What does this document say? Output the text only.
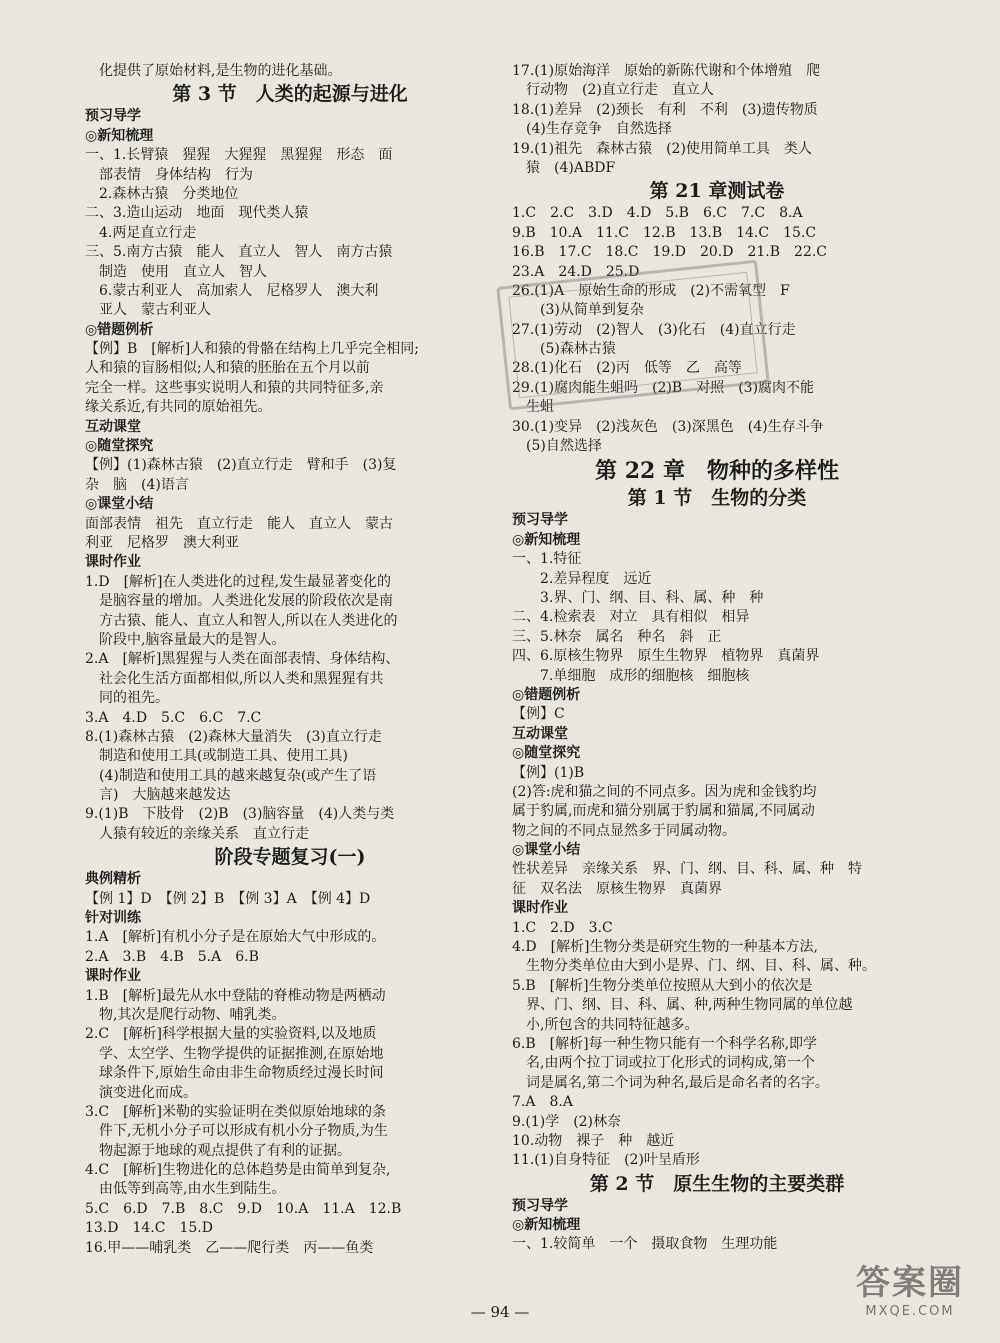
化提供了原始材料,是生物的进化基础。
第 3 节　人类的起源与进化
预习导学
◎新知梳理
一、1.长臂猿　猩猩　大猩猩　黑猩猩　形态　面
部表情　身体结构　行为
2.森林古猿　分类地位
二、3.造山运动　地面　现代类人猿
4.两足直立行走
三、5.南方古猿　能人　直立人　智人　南方古猿
制造　使用　直立人　智人
6.蒙古利亚人　高加索人　尼格罗人　澳大利
亚人　蒙古利亚人
◎错题例析
【例】B　[解析]人和猿的骨骼在结构上几乎完全相同;
人和猿的盲肠相似;人和猿的胚胎在五个月以前
完全一样。这些事实说明人和猿的共同特征多,亲
缘关系近,有共同的原始祖先。
互动课堂
◎随堂探究
【例】(1)森林古猿　(2)直立行走　臂和手　(3)复
杂　脑　(4)语言
◎课堂小结
面部表情　祖先　直立行走　能人　直立人　蒙古
利亚　尼格罗　澳大利亚
课时作业
1.D　[解析]在人类进化的过程,发生最显著变化的
是脑容量的增加。人类进化发展的阶段依次是南
方古猿、能人、直立人和智人,所以在人类进化的
阶段中,脑容量最大的是智人。
2.A　[解析]黑猩猩与人类在面部表情、身体结构、
社会化生活方面都相似,所以人类和黑猩猩有共
同的祖先。
3.A　4.D　5.C　6.C　7.C
8.(1)森林古猿　(2)森林大量消失　(3)直立行走
制造和使用工具(或制造工具、使用工具)
(4)制造和使用工具的越来越复杂(或产生了语
言)　大脑越来越发达
9.(1)B　下肢骨　(2)B　(3)脑容量　(4)人类与类
人猿有较近的亲缘关系　直立行走
阶段专题复习(一)
典例精析
【例 1】D　【例 2】B　【例 3】A　【例 4】D
针对训练
1.A　[解析]有机小分子是在原始大气中形成的。
2.A　3.B　4.B　5.A　6.B
课时作业
1.B　[解析]最先从水中登陆的脊椎动物是两栖动
物,其次是爬行动物、哺乳类。
2.C　[解析]科学根据大量的实验资料,以及地质
学、太空学、生物学提供的证据推测,在原始地
球条件下,原始生命由非生命物质经过漫长时间
演变进化而成。
3.C　[解析]米勒的实验证明在类似原始地球的条
件下,无机小分子可以形成有机小分子物质,为生
物起源于地球的观点提供了有利的证据。
4.C　[解析]生物进化的总体趋势是由简单到复杂,
由低等到高等,由水生到陆生。
5.C　6.D　7.B　8.C　9.D　10.A　11.A　12.B
13.D　14.C　15.D
16.甲——哺乳类　乙——爬行类　丙——鱼类
17.(1)原始海洋　原始的新陈代谢和个体增殖　爬
行动物　(2)直立行走　直立人
18.(1)差异　(2)颈长　有利　不利　(3)遗传物质
(4)生存竞争　自然选择
19.(1)祖先　森林古猿　(2)使用简单工具　类人
猿　(4)ABDF
第 21 章测试卷
1.C　2.C　3.D　4.D　5.B　6.C　7.C　8.A
9.B　10.A　11.C　12.B　13.B　14.C　15.C
16.B　17.C　18.C　19.D　20.D　21.B　22.C
23.A　24.D　25.D
26.(1)A　原始生命的形成　(2)不需氧型　F
(3)从简单到复杂
27.(1)劳动　(2)智人　(3)化石　(4)直立行走
(5)森林古猿
28.(1)化石　(2)丙　低等　乙　高等
29.(1)腐肉能生蛆吗　(2)B　对照　(3)腐肉不能
生蛆
30.(1)变异　(2)浅灰色　(3)深黑色　(4)生存斗争
(5)自然选择
第 22 章　物种的多样性
第 1 节　生物的分类
预习导学
◎新知梳理
一、1.特征
2.差异程度　远近
3.界、门、纲、目、科、属、种　种
二、4.检索表　对立　具有相似　相异
三、5.林奈　属名　种名　斜　正
四、6.原核生物界　原生生物界　植物界　真菌界
7.单细胞　成形的细胞核　细胞核
◎错题例析
【例】C
互动课堂
◎随堂探究
【例】(1)B
(2)答:虎和猫之间的不同点多。因为虎和金钱豹均
属于豹属,而虎和猫分别属于豹属和猫属,不同属动
物之间的不同点显然多于同属动物。
◎课堂小结
性状差异　亲缘关系　界、门、纲、目、科、属、种　特
征　双名法　原核生物界　真菌界
课时作业
1.C　2.D　3.C
4.D　[解析]生物分类是研究生物的一种基本方法,
生物分类单位由大到小是界、门、纲、目、科、属、种。
5.B　[解析]生物分类单位按照从大到小的依次是
界、门、纲、目、科、属、种,两种生物同属的单位越
小,所包含的共同特征越多。
6.B　[解析]每一种生物只能有一个科学名称,即学
名,由两个拉丁词或拉丁化形式的词构成,第一个
词是属名,第二个词为种名,最后是命名者的名字。
7.A　8.A
9.(1)学　(2)林奈
10.动物　裸子　种　越近
11.(1)自身特征　(2)叶呈盾形
第 2 节　原生生物的主要类群
预习导学
◎新知梳理
一、1.较简单　一个　摄取食物　生理功能
— 94 —
答案圈
MXQE.COM
